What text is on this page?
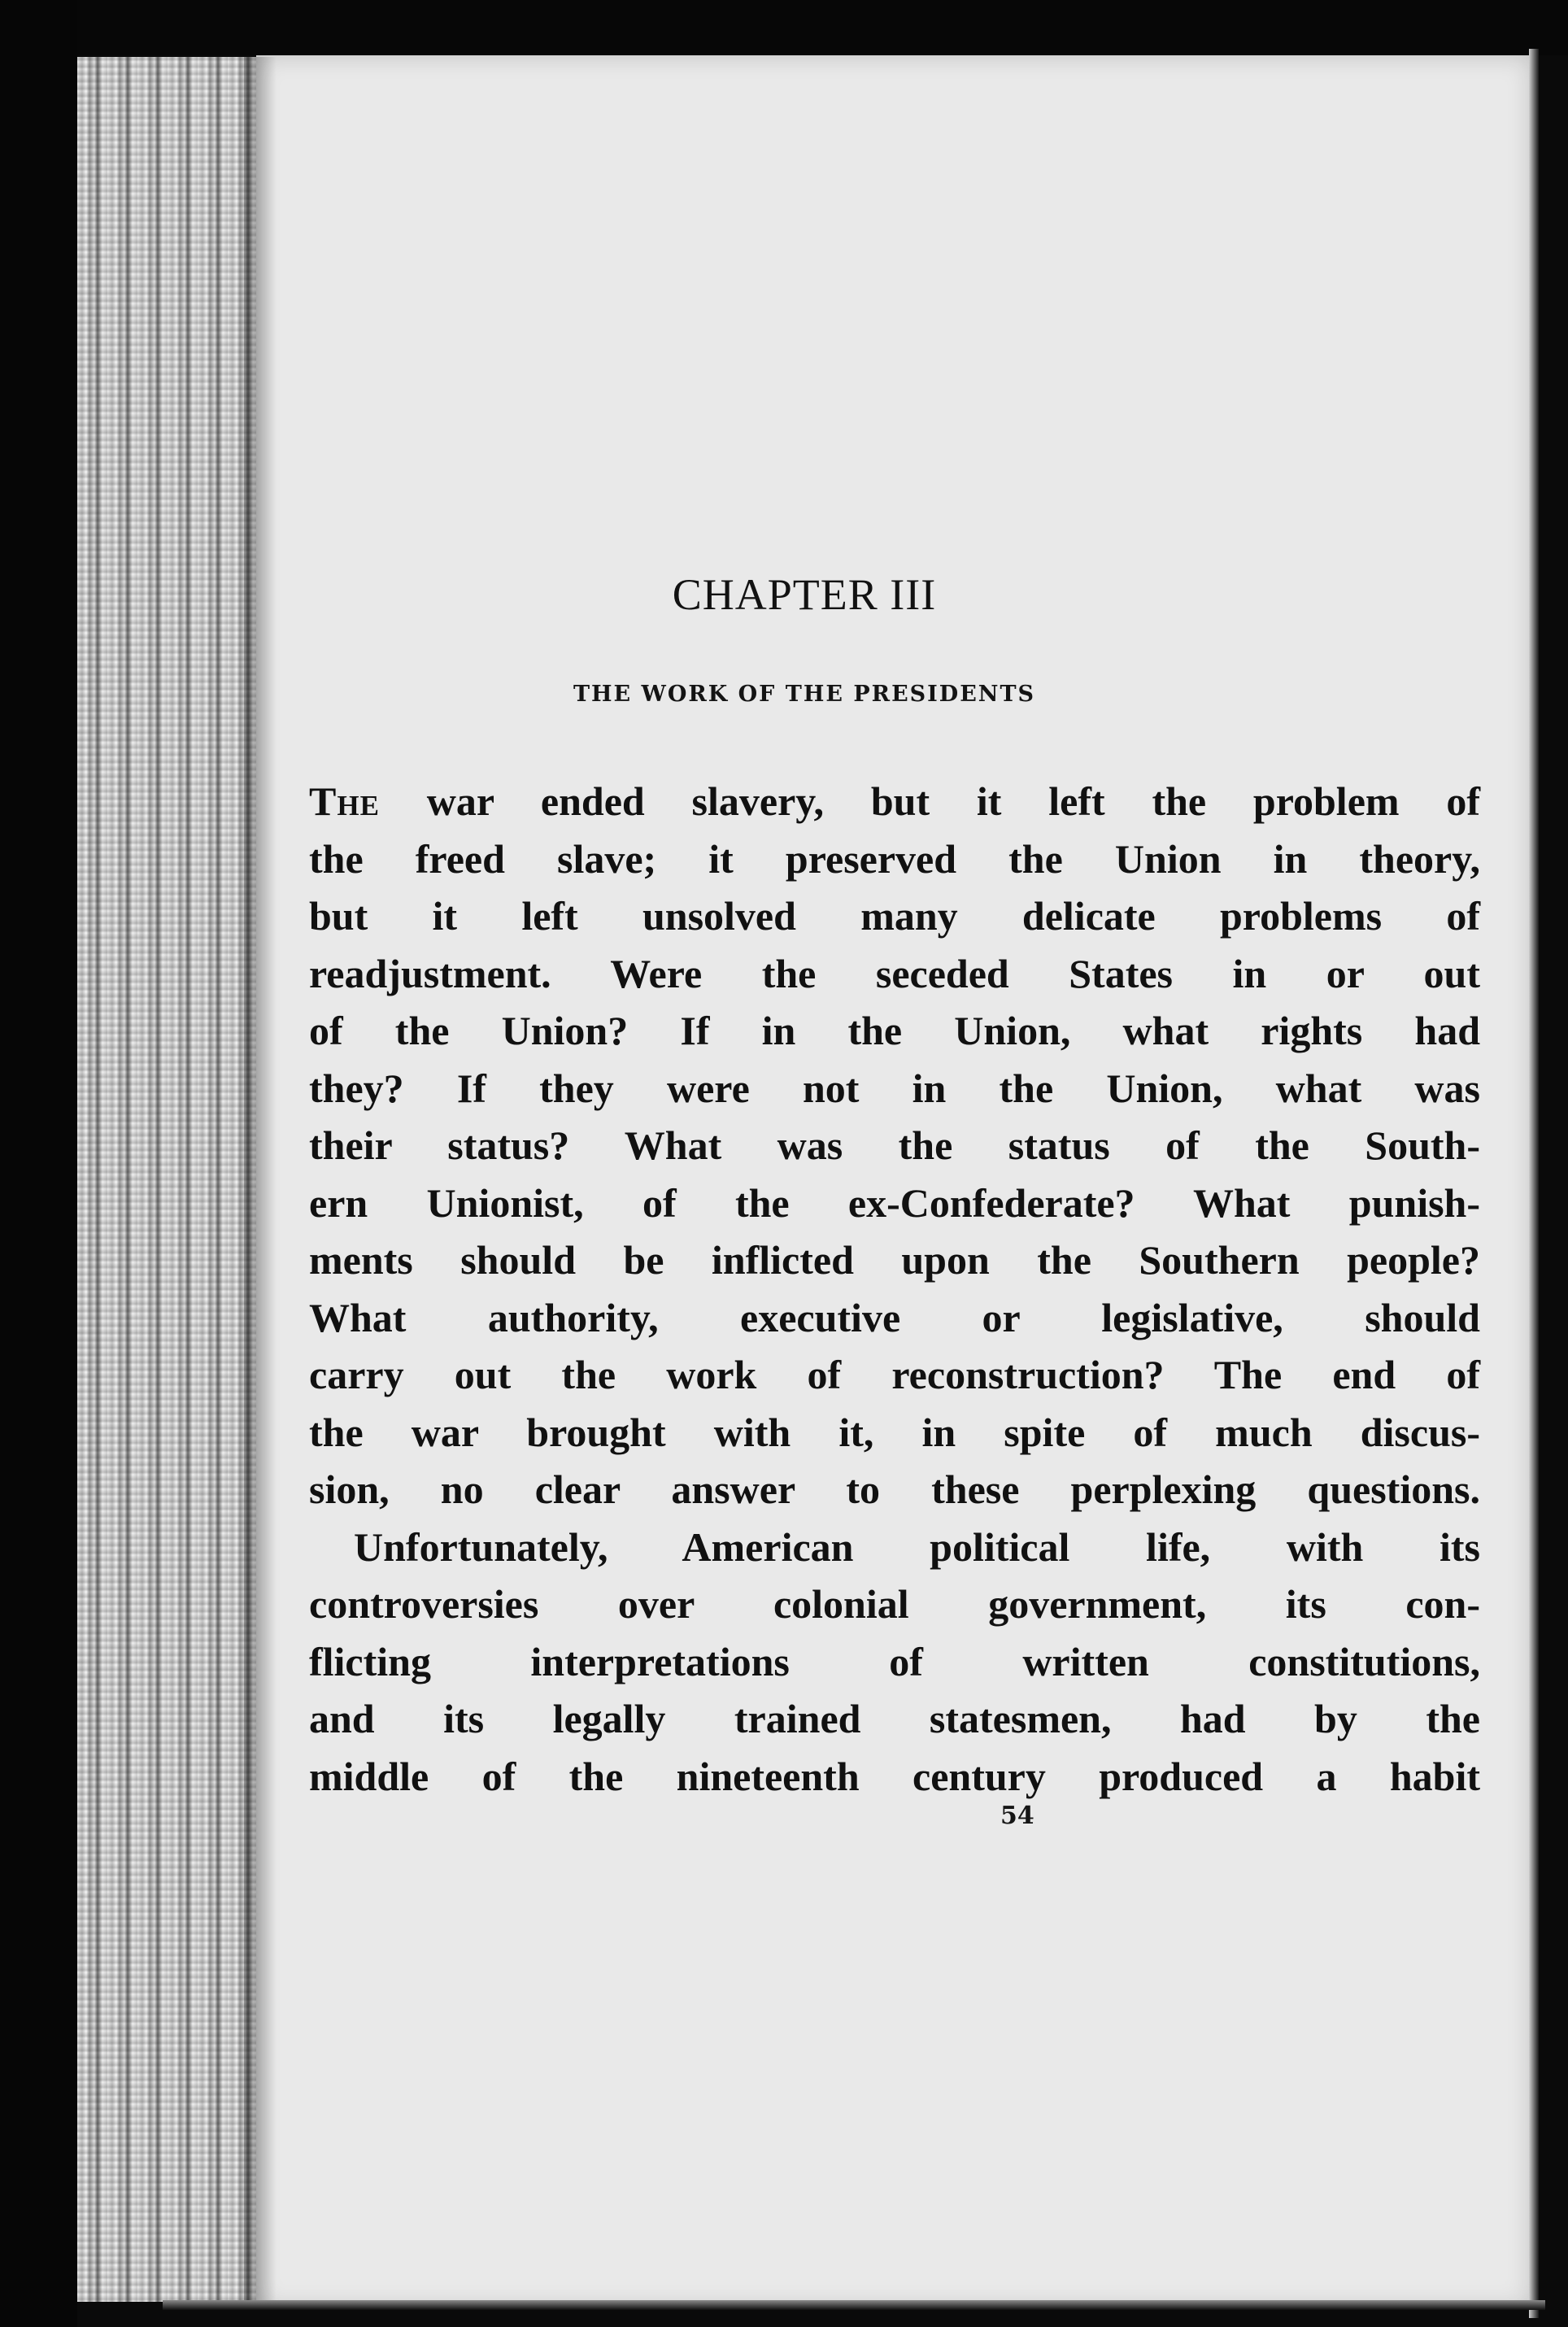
CHAPTER III
THE WORK OF THE PRESIDENTS
The war ended slavery, but it left the problem of
the freed slave; it preserved the Union in theory,
but it left unsolved many delicate problems of
readjustment. Were the seceded States in or out
of the Union? If in the Union, what rights had
they? If they were not in the Union, what was
their status? What was the status of the South-
ern Unionist, of the ex-Confederate? What punish-
ments should be inflicted upon the Southern people?
What authority, executive or legislative, should
carry out the work of reconstruction? The end of
the war brought with it, in spite of much discus-
sion, no clear answer to these perplexing questions.
Unfortunately, American political life, with its
controversies over colonial government, its con-
flicting interpretations of written constitutions,
and its legally trained statesmen, had by the
middle of the nineteenth century produced a habit
54
